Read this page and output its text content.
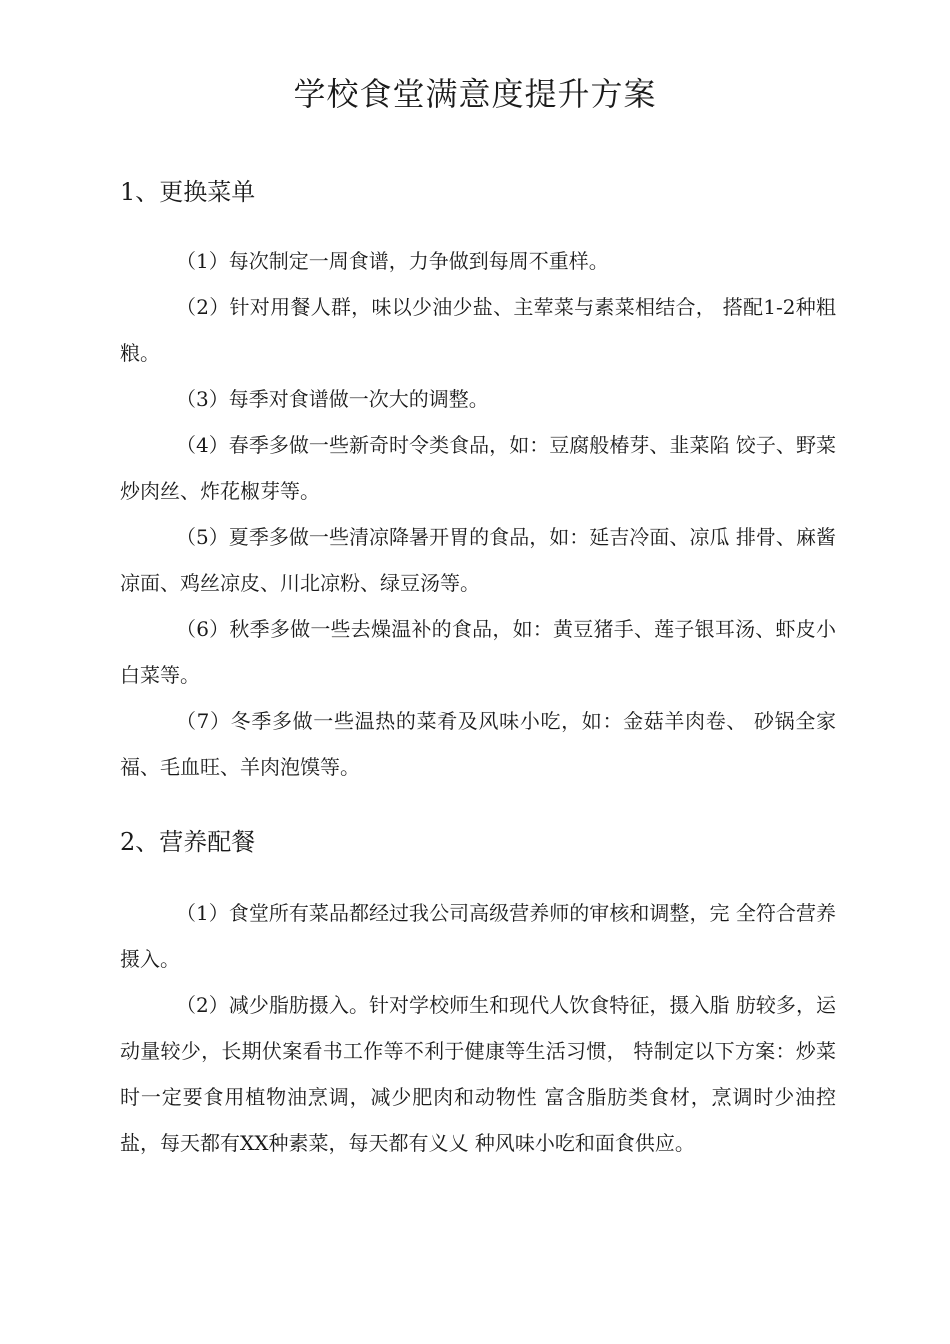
学校食堂满意度提升方案
1、更换菜单

（1）每次制定一周食谱，力争做到每周不重样。

（2）针对用餐人群，味以少油少盐、主荤菜与素菜相结合， 搭配1-2种粗粮。

（3）每季对食谱做一次大的调整。

（4）春季多做一些新奇时令类食品，如：豆腐般椿芽、韭菜陷 饺子、野菜炒肉丝、炸花椒芽等。

（5）夏季多做一些清凉降暑开胃的食品，如：延吉冷面、凉瓜 排骨、麻酱凉面、鸡丝凉皮、川北凉粉、绿豆汤等。

（6）秋季多做一些去燥温补的食品，如：黄豆猪手、莲子银耳汤、虾皮小白菜等。

（7）冬季多做一些温热的菜肴及风味小吃，如：金菇羊肉卷、 砂锅全家福、毛血旺、羊肉泡馍等。

2、营养配餐

（1）食堂所有菜品都经过我公司高级营养师的审核和调整，完 全符合营养摄入。

（2）减少脂肪摄入。针对学校师生和现代人饮食特征，摄入脂 肪较多，运动量较少，长期伏案看书工作等不利于健康等生活习惯， 特制定以下方案：炒菜时一定要食用植物油烹调，减少肥肉和动物性 富含脂肪类食材，烹调时少油控盐，每天都有XX种素菜，每天都有义乂 种风味小吃和面食供应。
